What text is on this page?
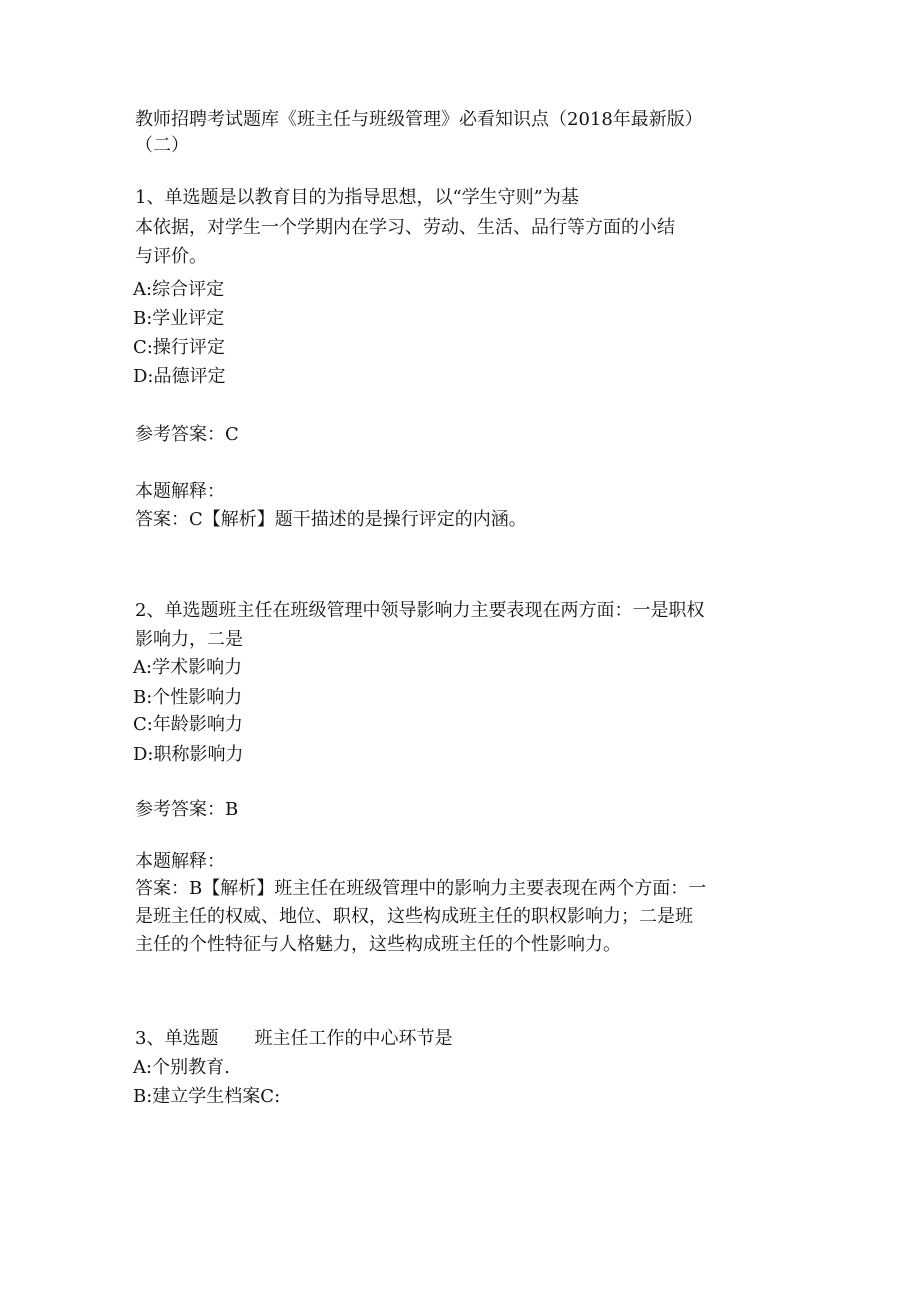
教师招聘考试题库《班主任与班级管理》必看知识点（2018年最新版）
（二）
1、单选题是以教育目的为指导思想，以“学生守则”为基
本依据，对学生一个学期内在学习、劳动、生活、品行等方面的小结
与评价。
A:综合评定
B:学业评定
C:操行评定
D:品德评定
参考答案：C
本题解释：
答案：C【解析】题干描述的是操行评定的内涵。
2、单选题班主任在班级管理中领导影响力主要表现在两方面：一是职权
影响力，二是
A:学术影响力
B:个性影响力
C:年龄影响力
D:职称影响力
参考答案：B
本题解释：
答案：B【解析】班主任在班级管理中的影响力主要表现在两个方面：一
是班主任的权威、地位、职权，这些构成班主任的职权影响力；二是班
主任的个性特征与人格魅力，这些构成班主任的个性影响力。
3、单选题　　班主任工作的中心环节是
A:个别教育.
B:建立学生档案C:
